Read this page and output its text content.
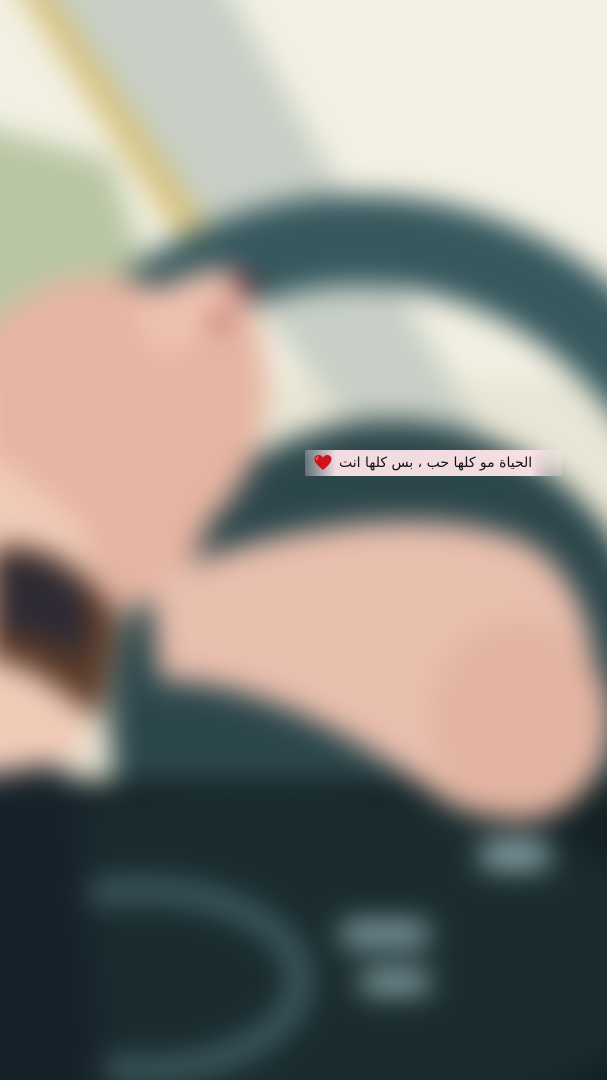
الحياة مو كلها حب ، بس كلها انت
